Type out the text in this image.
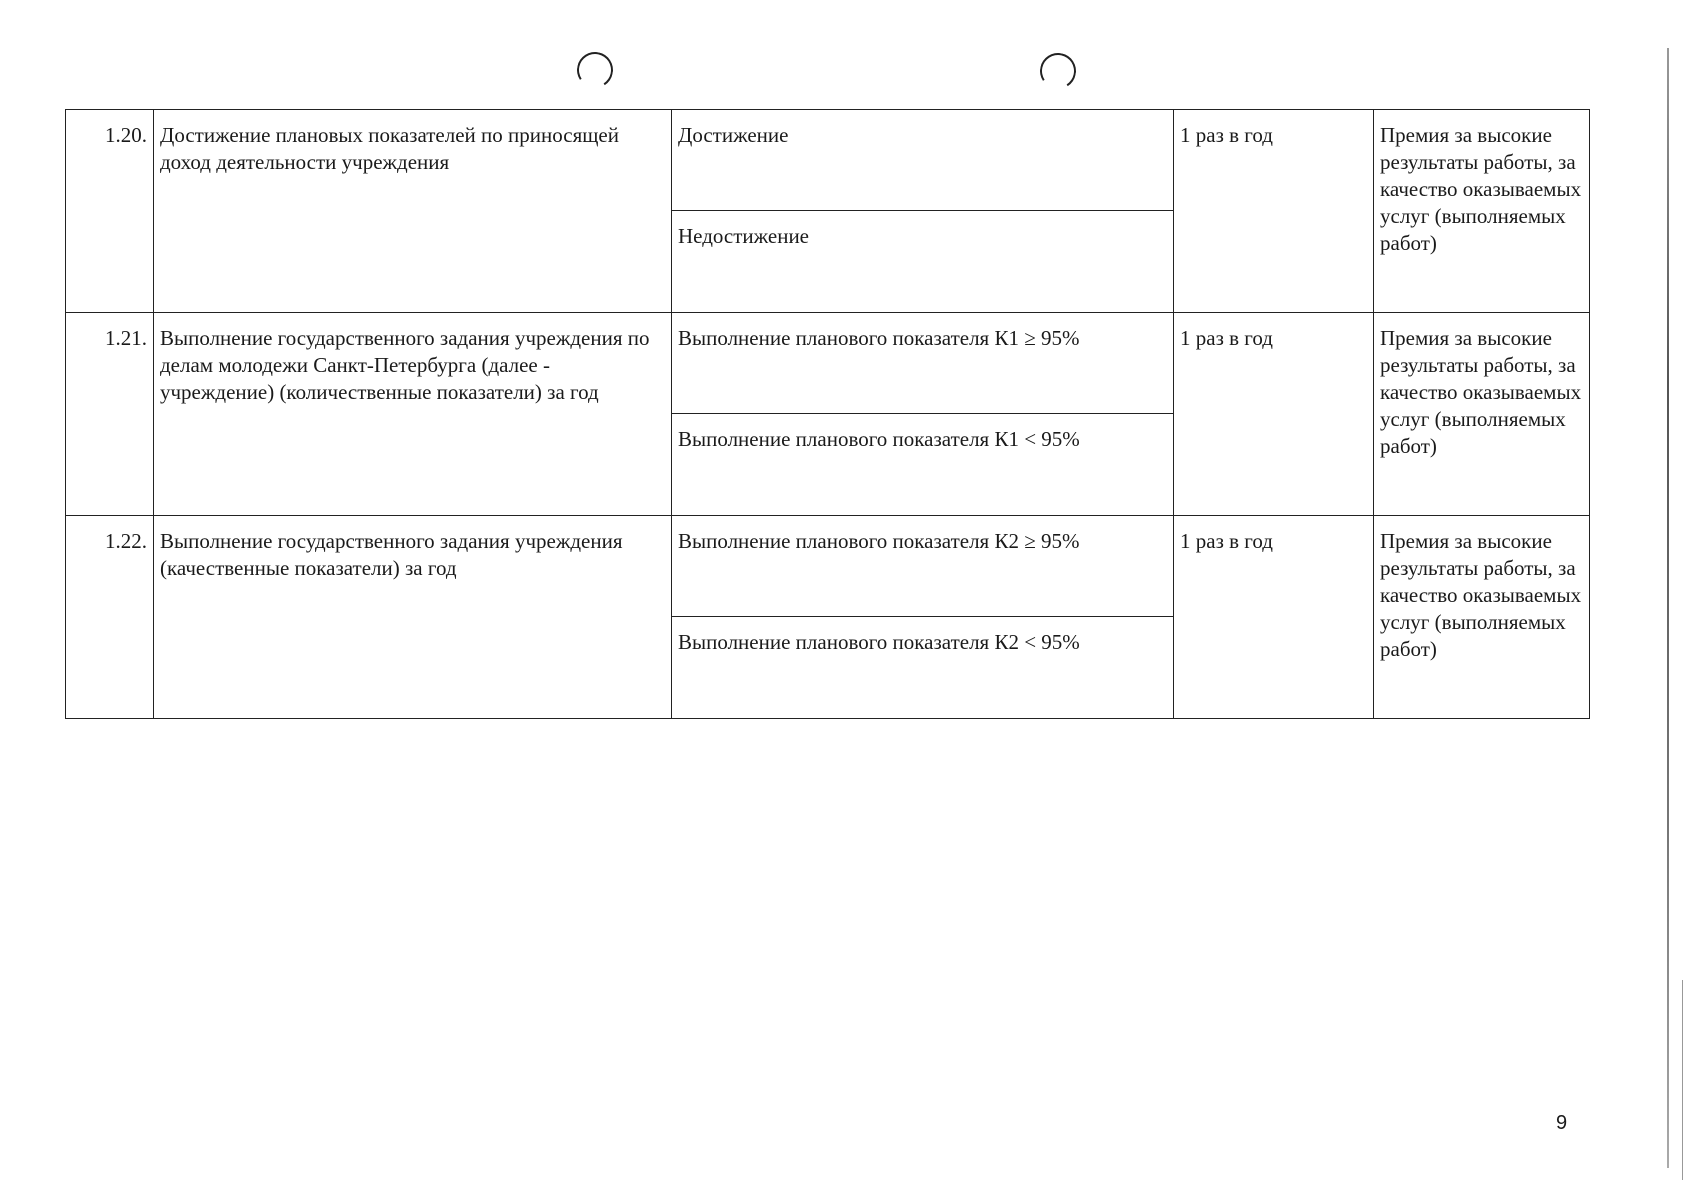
1.20.	Достижение плановых показателей по приносящей доход деятельности учреждения	Достижение	1 раз в год	Премия за высокие результаты работы, за качество оказываемых услуг (выполняемых работ)
		Недостижение		
1.21.	Выполнение государственного задания учреждения по делам молодежи Санкт-Петербурга (далее - учреждение) (количественные показатели) за год	Выполнение планового показателя К1 ≥ 95%	1 раз в год	Премия за высокие результаты работы, за качество оказываемых услуг (выполняемых работ)
		Выполнение планового показателя К1 < 95%		
1.22.	Выполнение государственного задания учреждения (качественные показатели) за год	Выполнение планового показателя К2 ≥ 95%	1 раз в год	Премия за высокие результаты работы, за качество оказываемых услуг (выполняемых работ)
		Выполнение планового показателя К2 < 95%		
9
